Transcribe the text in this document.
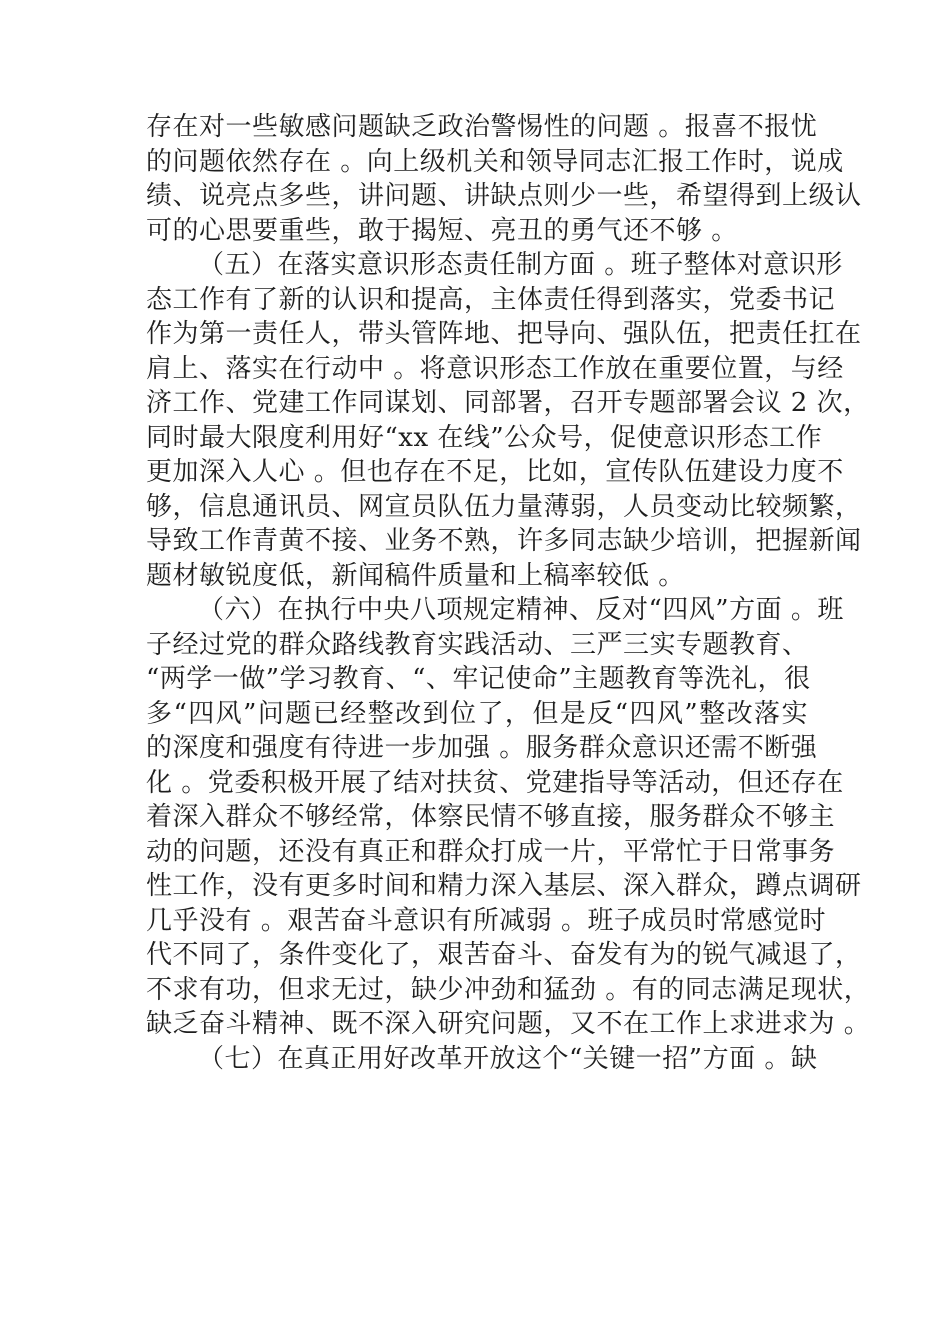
存在对一些敏感问题缺乏政治警惕性的问题 。报喜不报忧
的问题依然存在 。向上级机关和领导同志汇报工作时，说成
绩、说亮点多些，讲问题、讲缺点则少一些，希望得到上级认
可的心思要重些，敢于揭短、亮丑的勇气还不够 。
（五）在落实意识形态责任制方面 。班子整体对意识形
态工作有了新的认识和提高，主体责任得到落实，党委书记
作为第一责任人，带头管阵地、把导向、强队伍，把责任扛在
肩上、落实在行动中 。将意识形态工作放在重要位置，与经
济工作、党建工作同谋划、同部署，召开专题部署会议 2 次，
同时最大限度利用好“xx 在线”公众号，促使意识形态工作
更加深入人心 。但也存在不足，比如，宣传队伍建设力度不
够，信息通讯员、网宣员队伍力量薄弱，人员变动比较频繁，
导致工作青黄不接、业务不熟，许多同志缺少培训，把握新闻
题材敏锐度低，新闻稿件质量和上稿率较低 。
（六）在执行中央八项规定精神、反对“四风”方面 。班
子经过党的群众路线教育实践活动、三严三实专题教育、
“两学一做”学习教育、“、牢记使命”主题教育等洗礼，很
多“四风”问题已经整改到位了，但是反“四风”整改落实
的深度和强度有待进一步加强 。服务群众意识还需不断强
化 。党委积极开展了结对扶贫、党建指导等活动，但还存在
着深入群众不够经常，体察民情不够直接，服务群众不够主
动的问题，还没有真正和群众打成一片，平常忙于日常事务
性工作，没有更多时间和精力深入基层、深入群众，蹲点调研
几乎没有 。艰苦奋斗意识有所减弱 。班子成员时常感觉时
代不同了，条件变化了，艰苦奋斗、奋发有为的锐气减退了，
不求有功，但求无过，缺少冲劲和猛劲 。有的同志满足现状，
缺乏奋斗精神、既不深入研究问题，又不在工作上求进求为 。
（七）在真正用好改革开放这个“关键一招”方面 。缺
